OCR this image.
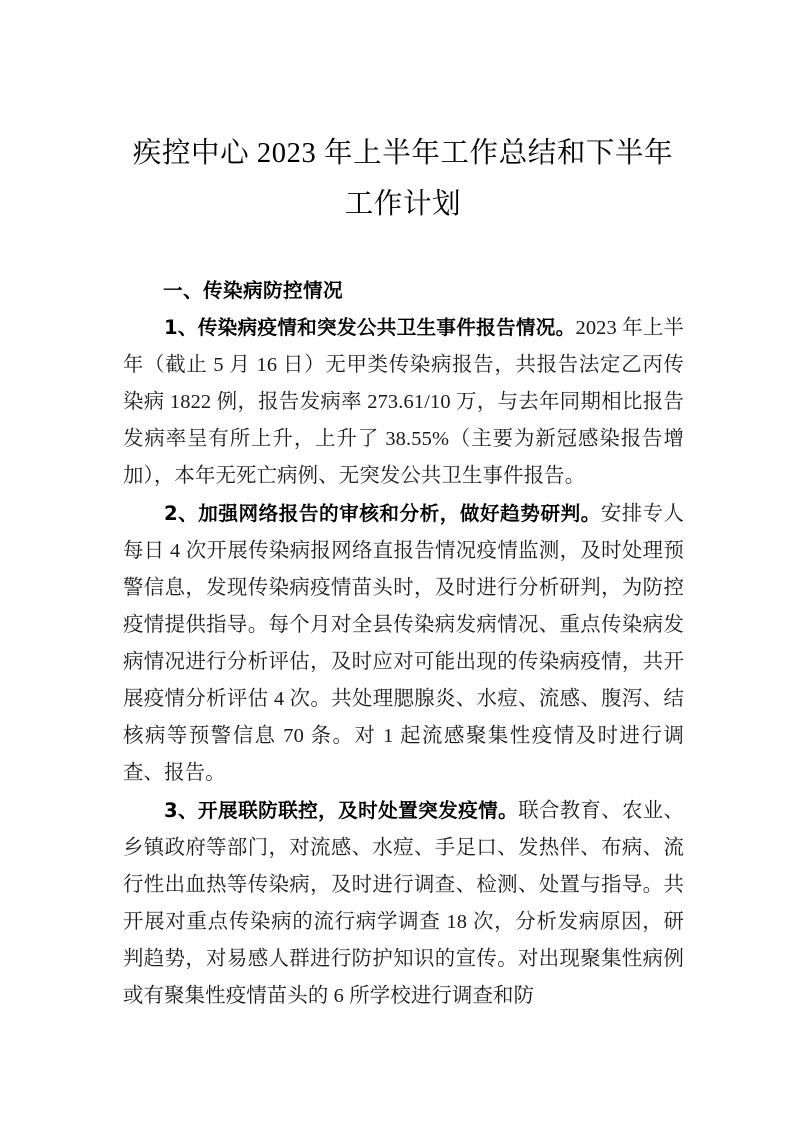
疾控中心 2023 年上半年工作总结和下半年
工作计划

一、传染病防控情况

1、传染病疫情和突发公共卫生事件报告情况。2023 年上半年（截止 5 月 16 日）无甲类传染病报告，共报告法定乙丙传染病 1822 例，报告发病率 273.61/10 万，与去年同期相比报告发病率呈有所上升，上升了 38.55%（主要为新冠感染报告增加），本年无死亡病例、无突发公共卫生事件报告。

2、加强网络报告的审核和分析，做好趋势研判。安排专人每日 4 次开展传染病报网络直报告情况疫情监测，及时处理预警信息，发现传染病疫情苗头时，及时进行分析研判，为防控疫情提供指导。每个月对全县传染病发病情况、重点传染病发病情况进行分析评估，及时应对可能出现的传染病疫情，共开展疫情分析评估 4 次。共处理腮腺炎、水痘、流感、腹泻、结核病等预警信息 70 条。对 1 起流感聚集性疫情及时进行调查、报告。

3、开展联防联控，及时处置突发疫情。联合教育、农业、乡镇政府等部门，对流感、水痘、手足口、发热伴、布病、流行性出血热等传染病，及时进行调查、检测、处置与指导。共开展对重点传染病的流行病学调查 18 次，分析发病原因，研判趋势，对易感人群进行防护知识的宣传。对出现聚集性病例或有聚集性疫情苗头的 6 所学校进行调查和防
